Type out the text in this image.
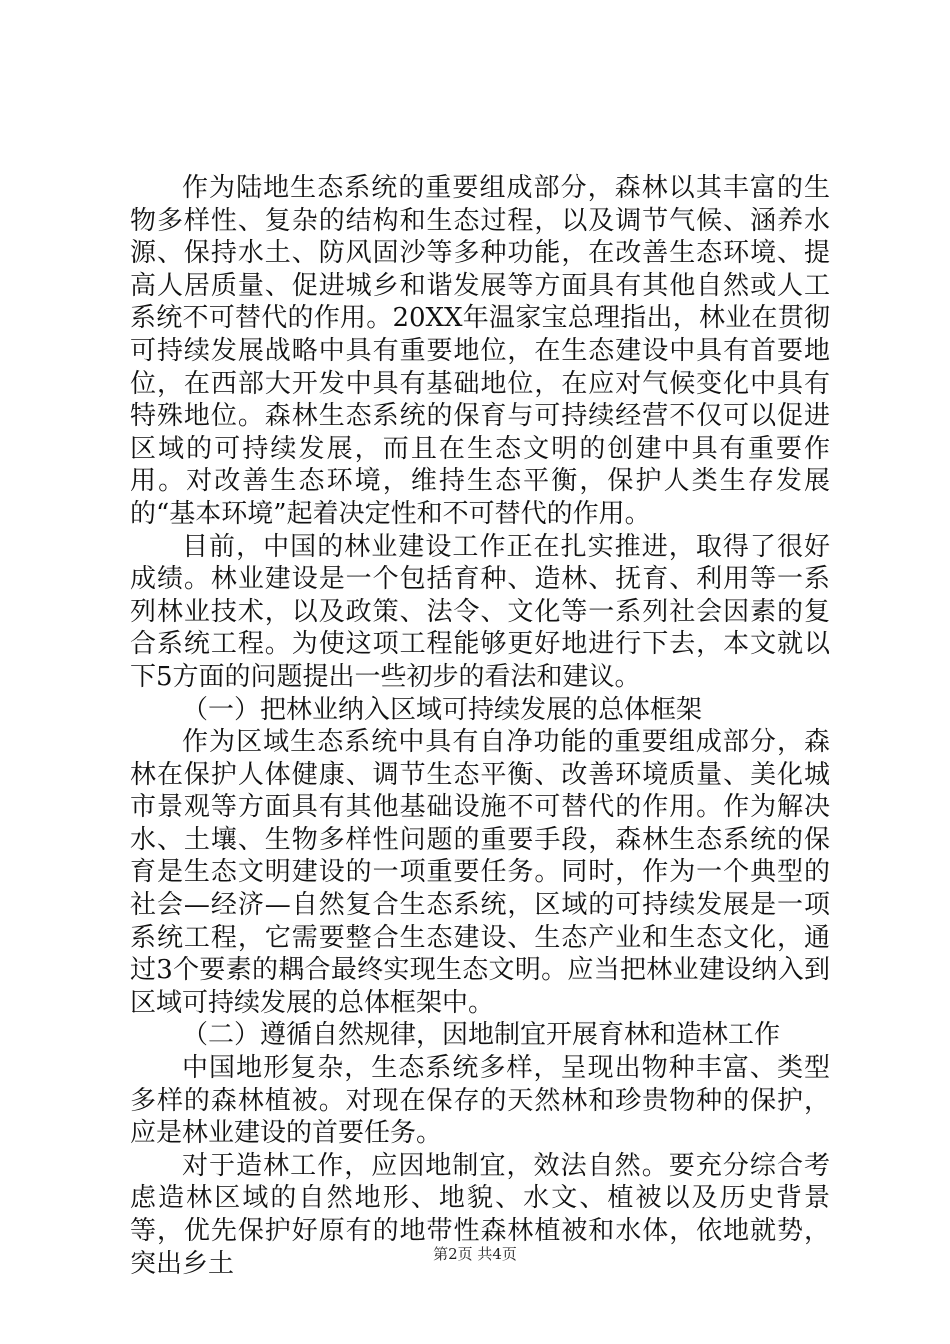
作为陆地生态系统的重要组成部分，森林以其丰富的生物多样性、复杂的结构和生态过程，以及调节气候、涵养水源、保持水土、防风固沙等多种功能，在改善生态环境、提高人居质量、促进城乡和谐发展等方面具有其他自然或人工系统不可替代的作用。20XX年温家宝总理指出，林业在贯彻可持续发展战略中具有重要地位，在生态建设中具有首要地位，在西部大开发中具有基础地位，在应对气候变化中具有特殊地位。森林生态系统的保育与可持续经营不仅可以促进区域的可持续发展，而且在生态文明的创建中具有重要作用。对改善生态环境，维持生态平衡，保护人类生存发展的“基本环境”起着决定性和不可替代的作用。

目前，中国的林业建设工作正在扎实推进，取得了很好成绩。林业建设是一个包括育种、造林、抚育、利用等一系列林业技术，以及政策、法令、文化等一系列社会因素的复合系统工程。为使这项工程能够更好地进行下去，本文就以下5方面的问题提出一些初步的看法和建议。

（一）把林业纳入区域可持续发展的总体框架

作为区域生态系统中具有自净功能的重要组成部分，森林在保护人体健康、调节生态平衡、改善环境质量、美化城市景观等方面具有其他基础设施不可替代的作用。作为解决水、土壤、生物多样性问题的重要手段，森林生态系统的保育是生态文明建设的一项重要任务。同时，作为一个典型的社会—经济—自然复合生态系统，区域的可持续发展是一项系统工程，它需要整合生态建设、生态产业和生态文化，通过3个要素的耦合最终实现生态文明。应当把林业建设纳入到区域可持续发展的总体框架中。

（二）遵循自然规律，因地制宜开展育林和造林工作

中国地形复杂，生态系统多样，呈现出物种丰富、类型多样的森林植被。对现在保存的天然林和珍贵物种的保护，应是林业建设的首要任务。

对于造林工作，应因地制宜，效法自然。要充分综合考虑造林区域的自然地形、地貌、水文、植被以及历史背景等，优先保护好原有的地带性森林植被和水体，依地就势，突出乡土	第2页 共4页
